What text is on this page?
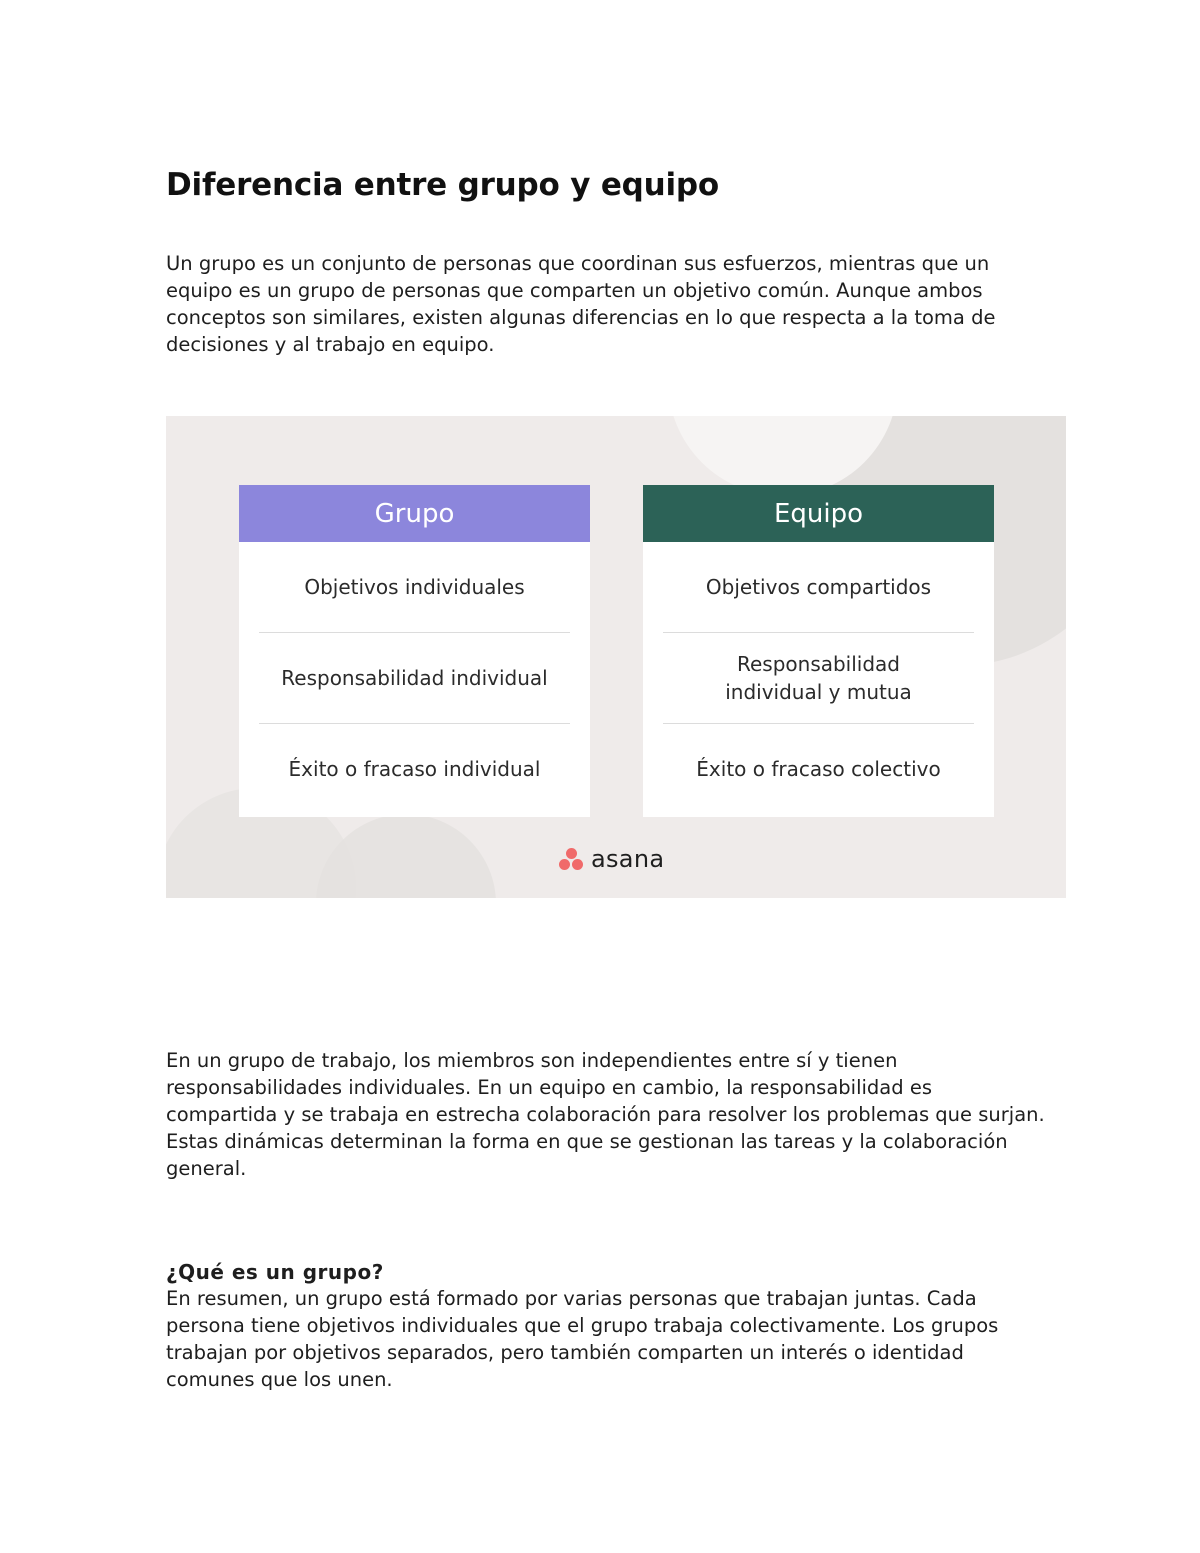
Diferencia entre grupo y equipo

Un grupo es un conjunto de personas que coordinan sus esfuerzos, mientras que un equipo es un grupo de personas que comparten un objetivo común. Aunque ambos conceptos son similares, existen algunas diferencias en lo que respecta a la toma de decisiones y al trabajo en equipo.

Grupo
Objetivos individuales
Responsabilidad individual
Éxito o fracaso individual
Equipo
Objetivos compartidos
Responsabilidad individual y mutua
Éxito o fracaso colectivo
asana

En un grupo de trabajo, los miembros son independientes entre sí y tienen responsabilidades individuales. En un equipo en cambio, la responsabilidad es compartida y se trabaja en estrecha colaboración para resolver los problemas que surjan. Estas dinámicas determinan la forma en que se gestionan las tareas y la colaboración general.

¿Qué es un grupo?

En resumen, un grupo está formado por varias personas que trabajan juntas. Cada persona tiene objetivos individuales que el grupo trabaja colectivamente. Los grupos trabajan por objetivos separados, pero también comparten un interés o identidad comunes que los unen.
